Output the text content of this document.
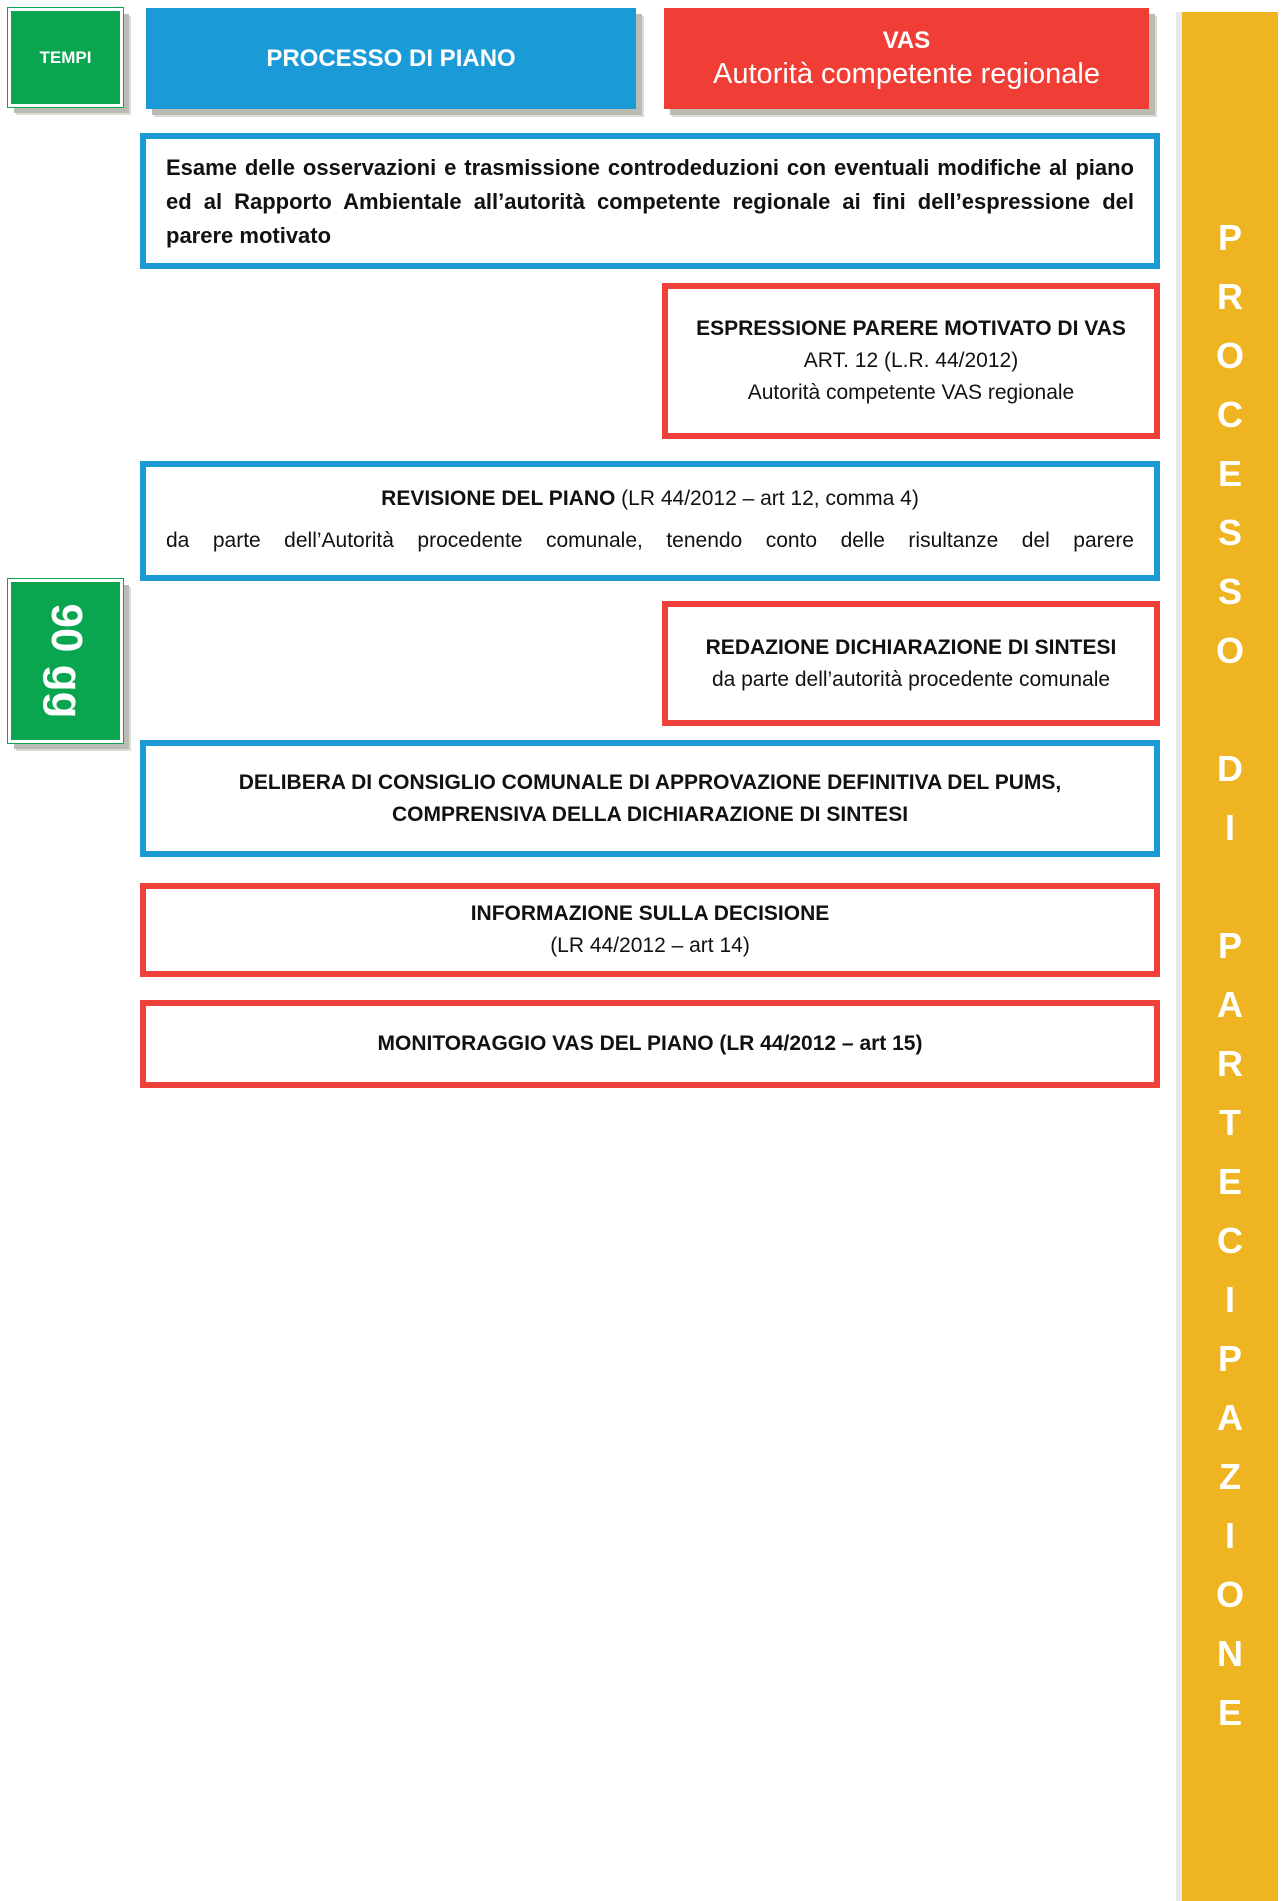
TEMPI	PROCESSO DI PIANO
VAS
Autorità competente regionale
Esame delle osservazioni e trasmissione controdeduzioni con eventuali modifiche al piano ed al Rapporto Ambientale all’autorità competente regionale ai fini dell’espressione del parere motivato
ESPRESSIONE PARERE MOTIVATO DI VAS
ART. 12 (L.R. 44/2012)
Autorità competente VAS regionale
REVISIONE DEL PIANO (LR 44/2012 – art 12, comma 4)
da parte dell’Autorità procedente comunale, tenendo conto delle risultanze del parere
90 gg	REDAZIONE DICHIARAZIONE DI SINTESI
da parte dell’autorità procedente comunale
DELIBERA DI CONSIGLIO COMUNALE DI APPROVAZIONE DEFINITIVA DEL PUMS,
COMPRENSIVA DELLA DICHIARAZIONE DI SINTESI
INFORMAZIONE SULLA DECISIONE
(LR 44/2012 – art 14)
MONITORAGGIO VAS DEL PIANO (LR 44/2012 – art 15)
P
R
O
C
E
S
S
O

D
I

P
A
R
T
E
C
I
P
A
Z
I
O
N
E
